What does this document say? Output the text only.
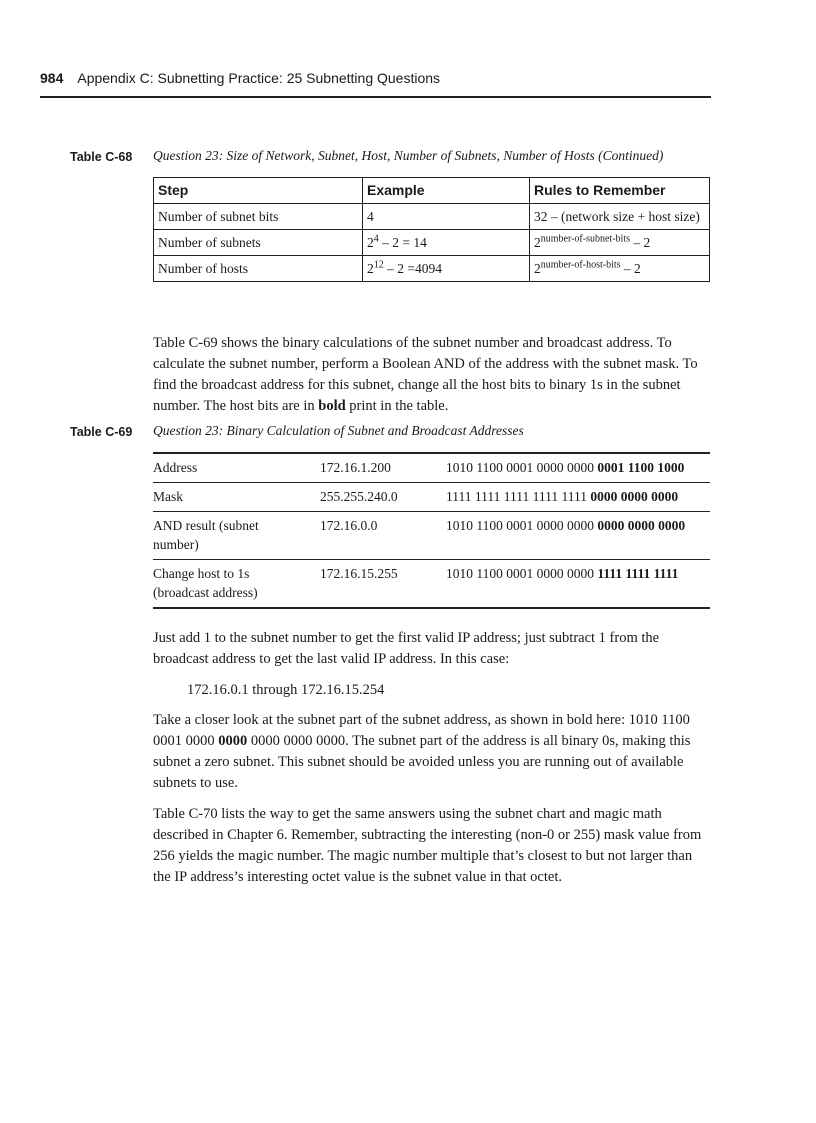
984 Appendix C: Subnetting Practice: 25 Subnetting Questions
Table C-68 Question 23: Size of Network, Subnet, Host, Number of Subnets, Number of Hosts (Continued)
Step	Example	Rules to Remember
Number of subnet bits	4	32 – (network size + host size)
Number of subnets	$2^4 - 2 = 14$	$2^{number-of-subnet-bits} - 2$
Number of hosts	$2^{12} - 2 =4094$	$2^{number-of-host-bits} - 2$
Table C-69 shows the binary calculations of the subnet number and broadcast address. To calculate the subnet number, perform a Boolean AND of the address with the subnet mask. To find the broadcast address for this subnet, change all the host bits to binary 1s in the subnet number. The host bits are in bold print in the table.
Table C-69 Question 23: Binary Calculation of Subnet and Broadcast Addresses
Address	172.16.1.200	1010 1100 0001 0000 0000 0001 1100 1000
Mask	255.255.240.0	1111 1111 1111 1111 1111 0000 0000 0000
AND result (subnet number)	172.16.0.0	1010 1100 0001 0000 0000 0000 0000 0000
Change host to 1s (broadcast address)	172.16.15.255	1010 1100 0001 0000 0000 1111 1111 1111
Just add 1 to the subnet number to get the first valid IP address; just subtract 1 from the broadcast address to get the last valid IP address. In this case:
172.16.0.1 through 172.16.15.254
Take a closer look at the subnet part of the subnet address, as shown in bold here: 1010 1100 0001 0000 0000 0000 0000 0000. The subnet part of the address is all binary 0s, making this subnet a zero subnet. This subnet should be avoided unless you are running out of available subnets to use.
Table C-70 lists the way to get the same answers using the subnet chart and magic math described in Chapter 6. Remember, subtracting the interesting (non-0 or 255) mask value from 256 yields the magic number. The magic number multiple that’s closest to but not larger than the IP address’s interesting octet value is the subnet value in that octet.
